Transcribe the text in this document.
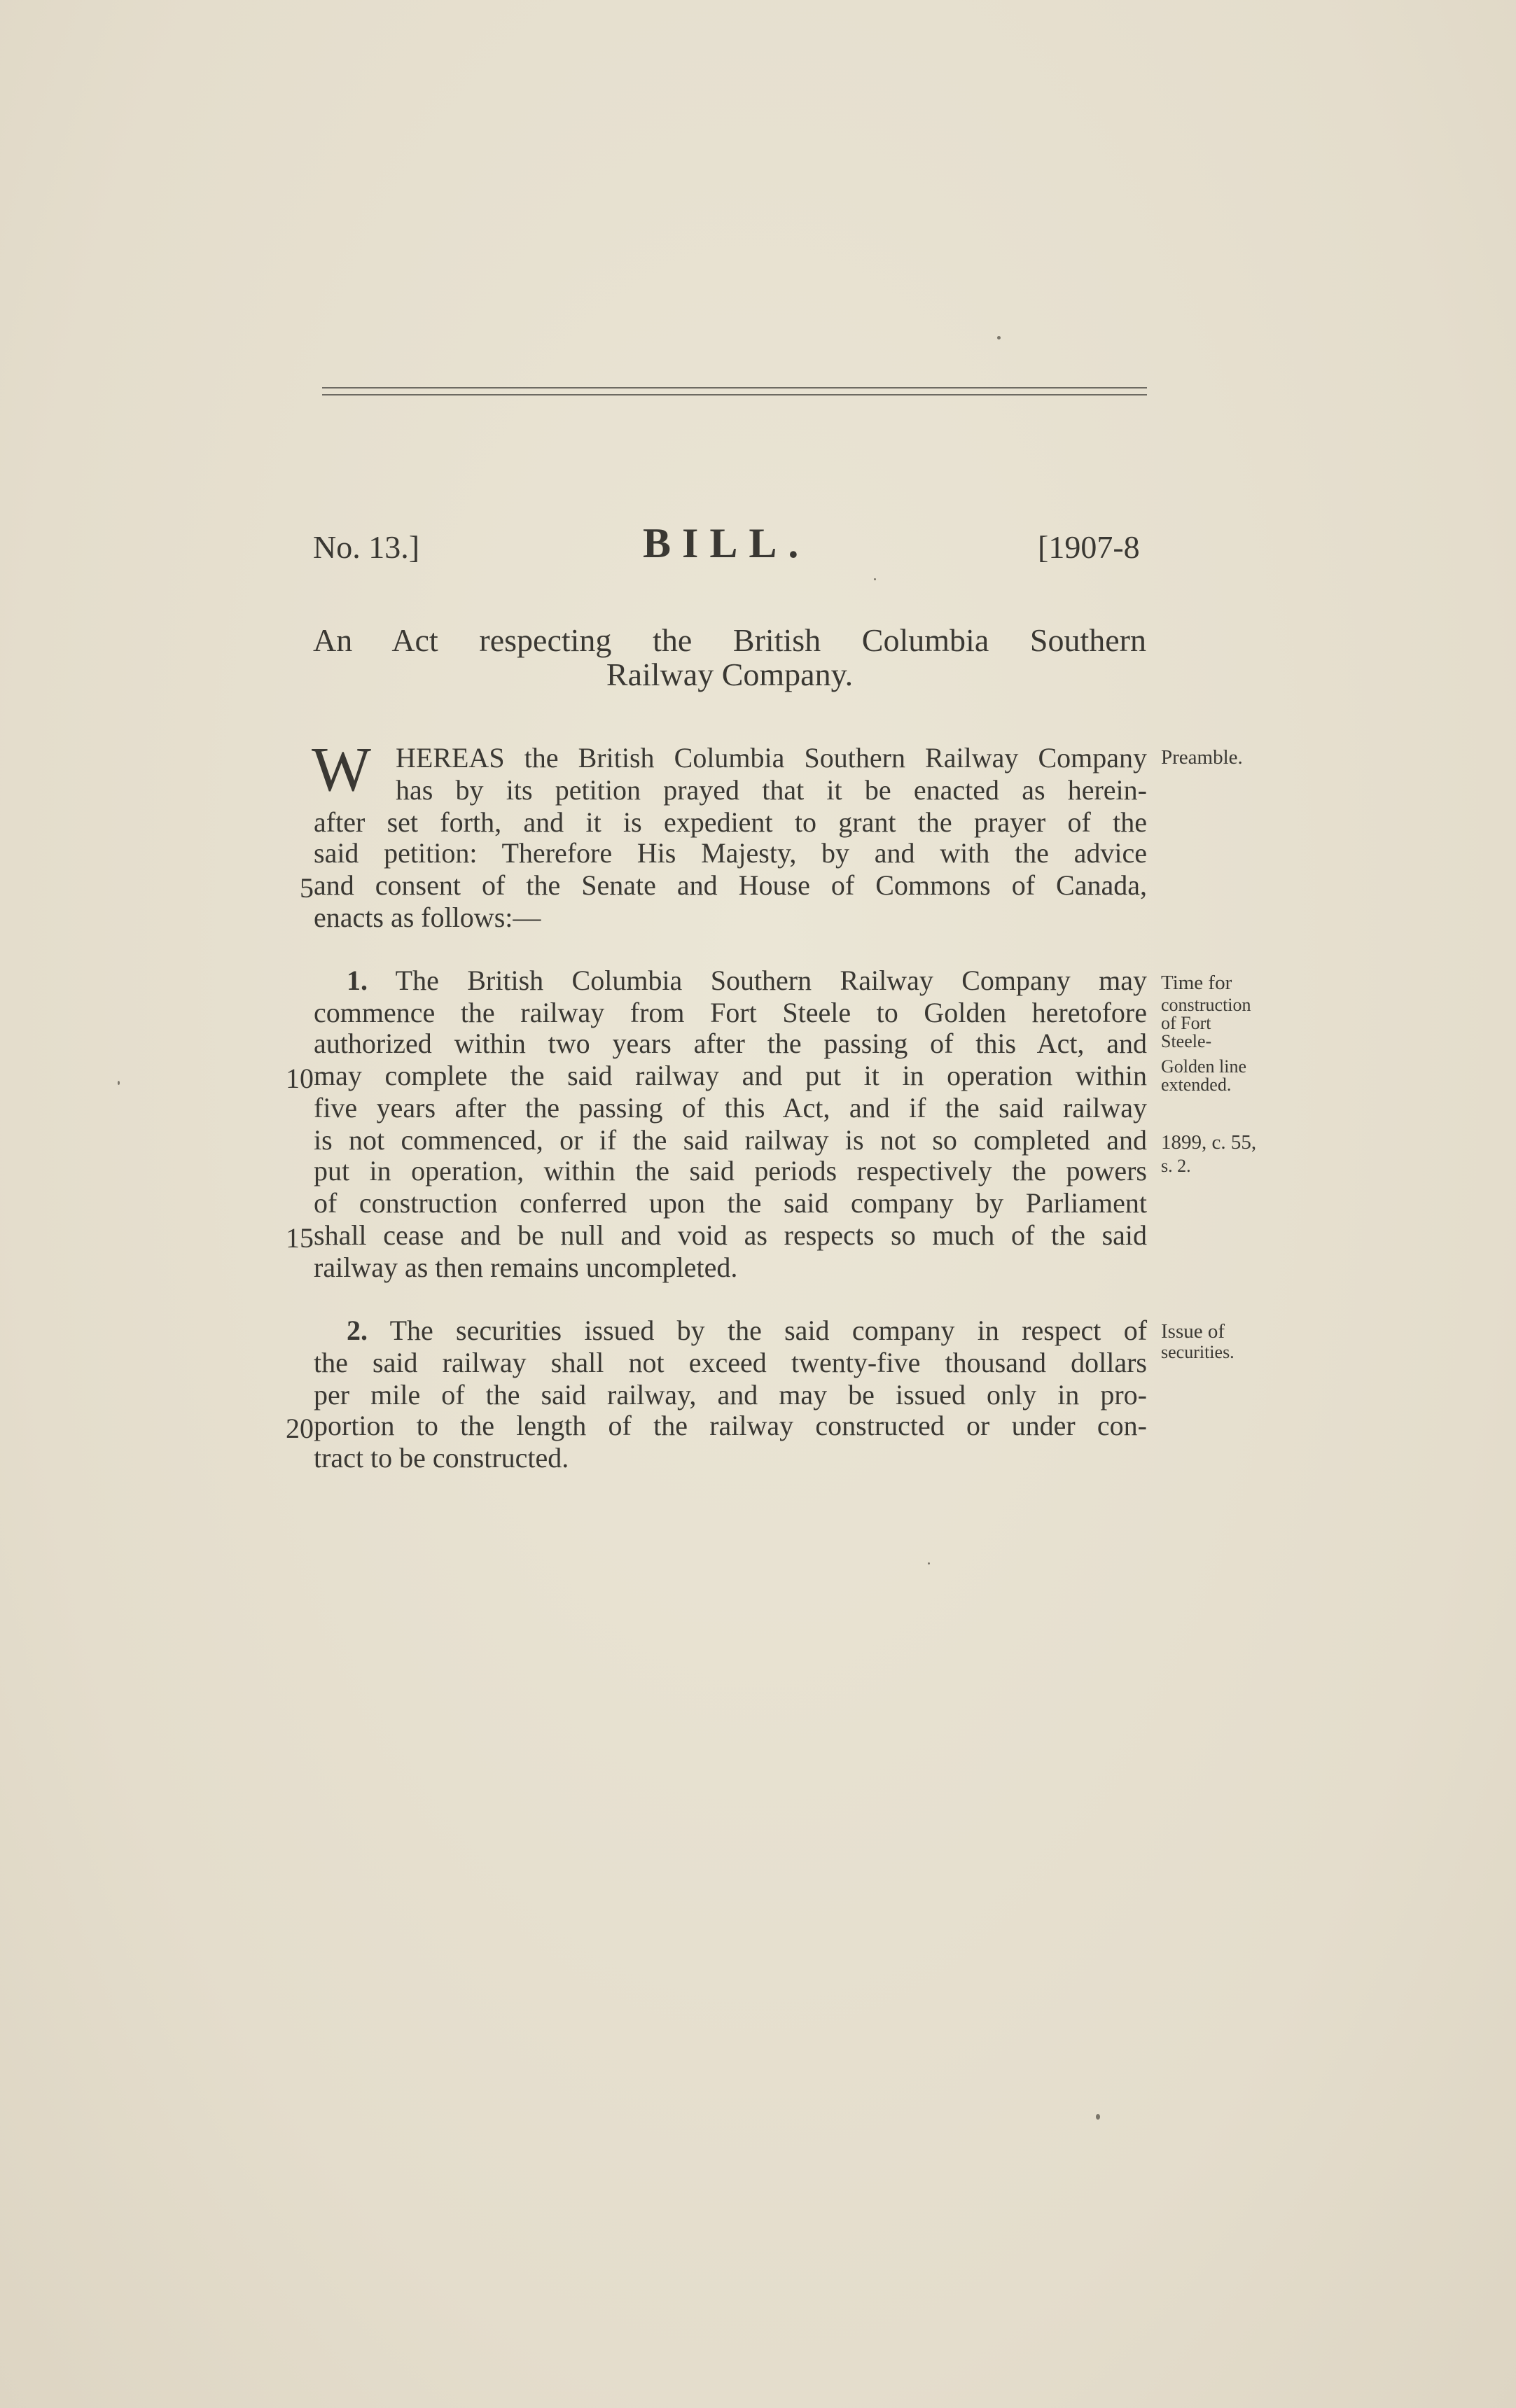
No. 13.]	BILL.	[1907-8
An Act respecting the British Columbia Southern
Railway Company.
W HEREAS the British Columbia Southern Railway Company
has by its petition prayed that it be enacted as herein-
after set forth, and it is expedient to grant the prayer of the
said petition: Therefore His Majesty, by and with the advice
and consent of the Senate and House of Commons of Canada,
enacts as follows:—
Preamble.
1. The British Columbia Southern Railway Company may
commence the railway from Fort Steele to Golden heretofore
authorized within two years after the passing of this Act, and
may complete the said railway and put it in operation within
five years after the passing of this Act, and if the said railway
is not commenced, or if the said railway is not so completed and
put in operation, within the said periods respectively the powers
of construction conferred upon the said company by Parliament
shall cease and be null and void as respects so much of the said
railway as then remains uncompleted.
Time for
construction
of Fort
Steele-
Golden line
extended.
1899, c. 55,
s. 2.
2. The securities issued by the said company in respect of
the said railway shall not exceed twenty-five thousand dollars
per mile of the said railway, and may be issued only in pro-
portion to the length of the railway constructed or under con-
tract to be constructed.
Issue of
securities.
5
10
15
20
